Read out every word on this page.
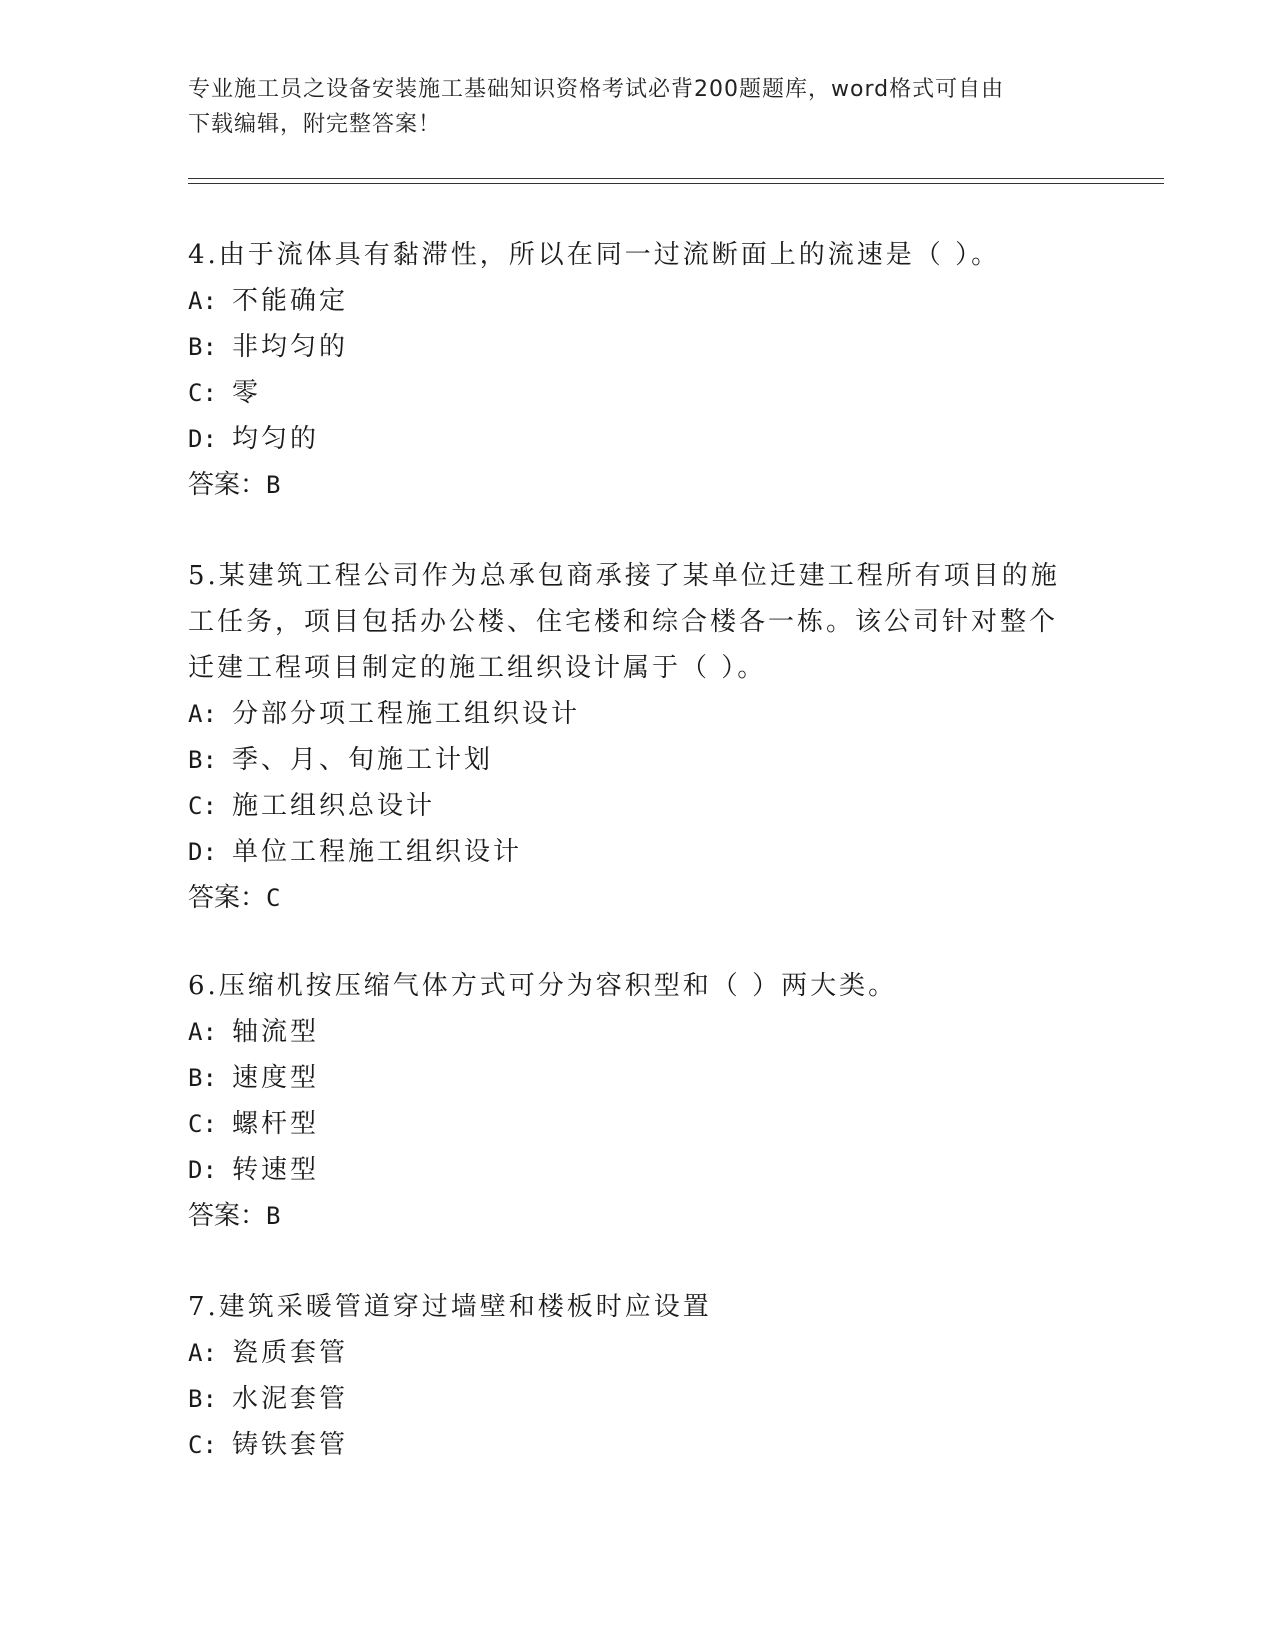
专业施工员之设备安装施工基础知识资格考试必背200题题库，word格式可自由
下载编辑，附完整答案！

4.由于流体具有黏滞性，所以在同一过流断面上的流速是（ ）。

A: 不能确定

B: 非均匀的

C: 零

D: 均匀的

答案：B

5.某建筑工程公司作为总承包商承接了某单位迁建工程所有项目的施

工任务，项目包括办公楼、住宅楼和综合楼各一栋。该公司针对整个

迁建工程项目制定的施工组织设计属于（ ）。

A: 分部分项工程施工组织设计

B: 季、月、旬施工计划

C: 施工组织总设计

D: 单位工程施工组织设计

答案：C

6.压缩机按压缩气体方式可分为容积型和（ ）两大类。

A: 轴流型

B: 速度型

C: 螺杆型

D: 转速型

答案：B

7.建筑采暖管道穿过墙壁和楼板时应设置

A: 瓷质套管

B: 水泥套管

C: 铸铁套管
